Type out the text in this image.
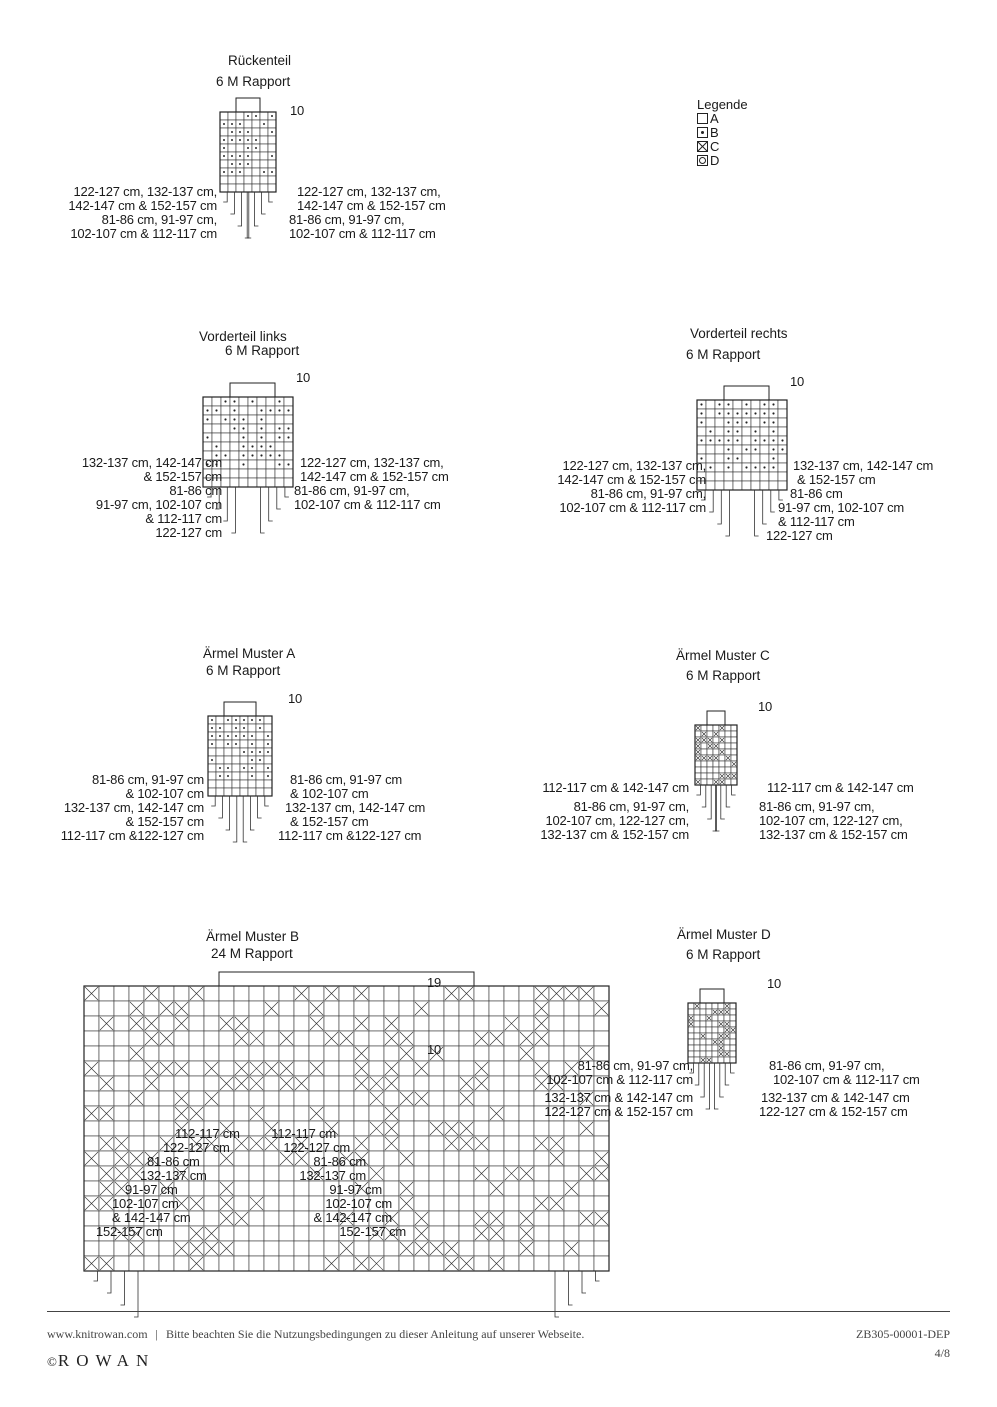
Legende
A
B
C
D
Rückenteil
6 M Rapport
10
122-127 cm, 132-137 cm,
142-147 cm & 152-157 cm
81-86 cm, 91-97 cm,
102-107 cm & 112-117 cm
122-127 cm, 132-137 cm,
142-147 cm & 152-157 cm
81-86 cm, 91-97 cm,
102-107 cm & 112-117 cm
Vorderteil links
6 M Rapport
10
132-137 cm, 142-147 cm
& 152-157 cm
81-86 cm
91-97 cm, 102-107 cm
& 112-117 cm
122-127 cm
122-127 cm, 132-137 cm,
142-147 cm & 152-157 cm
81-86 cm, 91-97 cm,
102-107 cm & 112-117 cm
Vorderteil rechts
6 M Rapport
10
122-127 cm, 132-137 cm,
142-147 cm & 152-157 cm
81-86 cm, 91-97 cm,
102-107 cm & 112-117 cm
132-137 cm, 142-147 cm
& 152-157 cm
81-86 cm
91-97 cm, 102-107 cm
& 112-117 cm
122-127 cm
Ärmel Muster A
6 M Rapport
10
81-86 cm, 91-97 cm
& 102-107 cm
132-137 cm, 142-147 cm
& 152-157 cm
112-117 cm &122-127 cm
81-86 cm, 91-97 cm
& 102-107 cm
132-137 cm, 142-147 cm
& 152-157 cm
112-117 cm &122-127 cm
Ärmel Muster C
6 M Rapport
10
112-117 cm & 142-147 cm
81-86 cm, 91-97 cm,
102-107 cm, 122-127 cm,
132-137 cm & 152-157 cm
112-117 cm & 142-147 cm
81-86 cm, 91-97 cm,
102-107 cm, 122-127 cm,
132-137 cm & 152-157 cm
Ärmel Muster B
24 M Rapport
19
10
112-117 cm
122-127 cm
81-86 cm
132-137 cm
91-97 cm
102-107 cm
& 142-147 cm
152-157 cm
112-117 cm
122-127 cm
81-86 cm
132-137 cm
91-97 cm
102-107 cm
& 142-147 cm
152-157 cm
Ärmel Muster D
6 M Rapport
10
81-86 cm, 91-97 cm,
102-107 cm & 112-117 cm
132-137 cm & 142-147 cm
122-127 cm & 152-157 cm
81-86 cm, 91-97 cm,
102-107 cm & 112-117 cm
132-137 cm & 142-147 cm
122-127 cm & 152-157 cm
www.knitrowan.com | Bitte beachten Sie die Nutzungsbedingungen zu dieser Anleitung auf unserer Webseite.
©ROWAN
ZB305-00001-DEP
4/8
